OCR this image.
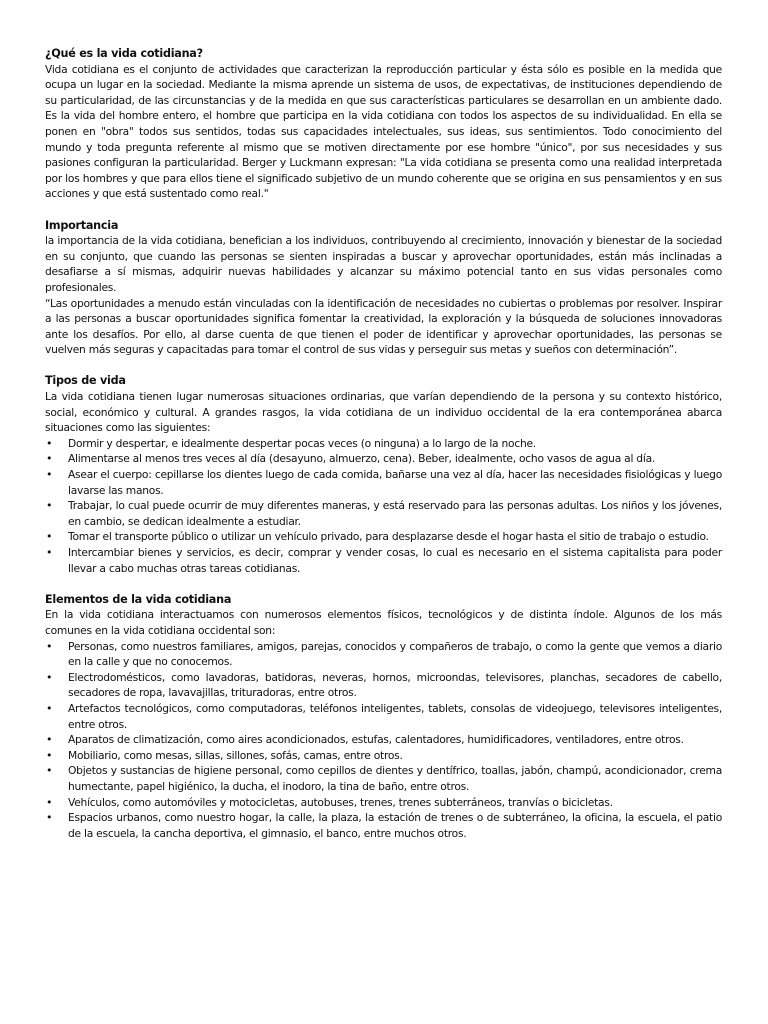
¿Qué es la vida cotidiana?

Vida cotidiana es el conjunto de actividades que caracterizan la reproducción particular y ésta sólo es posible en la medida que ocupa un lugar en la sociedad. Mediante la misma aprende un sistema de usos, de expectativas, de instituciones dependiendo de su particularidad, de las circunstancias y de la medida en que sus características particulares se desarrollan en un ambiente dado. Es la vida del hombre entero, el hombre que participa en la vida cotidiana con todos los aspectos de su individualidad. En ella se ponen en "obra" todos sus sentidos, todas sus capacidades intelectuales, sus ideas, sus sentimientos. Todo conocimiento del mundo y toda pregunta referente al mismo que se motiven directamente por ese hombre "único", por sus necesidades y sus pasiones configuran la particularidad. Berger y Luckmann expresan: "La vida cotidiana se presenta como una realidad interpretada por los hombres y que para ellos tiene el significado subjetivo de un mundo coherente que se origina en sus pensamientos y en sus acciones y que está sustentado como real."

Importancia

la importancia de la vida cotidiana, benefician a los individuos, contribuyendo al crecimiento, innovación y bienestar de la sociedad en su conjunto, que cuando las personas se sienten inspiradas a buscar y aprovechar oportunidades, están más inclinadas a desafiarse a sí mismas, adquirir nuevas habilidades y alcanzar su máximo potencial tanto en sus vidas personales como profesionales.

“Las oportunidades a menudo están vinculadas con la identificación de necesidades no cubiertas o problemas por resolver. Inspirar a las personas a buscar oportunidades significa fomentar la creatividad, la exploración y la búsqueda de soluciones innovadoras ante los desafíos. Por ello, al darse cuenta de que tienen el poder de identificar y aprovechar oportunidades, las personas se vuelven más seguras y capacitadas para tomar el control de sus vidas y perseguir sus metas y sueños con determinación”.

Tipos de vida

La vida cotidiana tienen lugar numerosas situaciones ordinarias, que varían dependiendo de la persona y su contexto histórico, social, económico y cultural. A grandes rasgos, la vida cotidiana de un individuo occidental de la era contemporánea abarca situaciones como las siguientes:

• Dormir y despertar, e idealmente despertar pocas veces (o ninguna) a lo largo de la noche.
• Alimentarse al menos tres veces al día (desayuno, almuerzo, cena). Beber, idealmente, ocho vasos de agua al día.
• Asear el cuerpo: cepillarse los dientes luego de cada comida, bañarse una vez al día, hacer las necesidades fisiológicas y luego lavarse las manos.
• Trabajar, lo cual puede ocurrir de muy diferentes maneras, y está reservado para las personas adultas. Los niños y los jóvenes, en cambio, se dedican idealmente a estudiar.
• Tomar el transporte público o utilizar un vehículo privado, para desplazarse desde el hogar hasta el sitio de trabajo o estudio.
• Intercambiar bienes y servicios, es decir, comprar y vender cosas, lo cual es necesario en el sistema capitalista para poder llevar a cabo muchas otras tareas cotidianas.

Elementos de la vida cotidiana

En la vida cotidiana interactuamos con numerosos elementos físicos, tecnológicos y de distinta índole. Algunos de los más comunes en la vida cotidiana occidental son:

• Personas, como nuestros familiares, amigos, parejas, conocidos y compañeros de trabajo, o como la gente que vemos a diario en la calle y que no conocemos.
• Electrodomésticos, como lavadoras, batidoras, neveras, hornos, microondas, televisores, planchas, secadores de cabello, secadores de ropa, lavavajillas, trituradoras, entre otros.
• Artefactos tecnológicos, como computadoras, teléfonos inteligentes, tablets, consolas de videojuego, televisores inteligentes, entre otros.
• Aparatos de climatización, como aires acondicionados, estufas, calentadores, humidificadores, ventiladores, entre otros.
• Mobiliario, como mesas, sillas, sillones, sofás, camas, entre otros.
• Objetos y sustancias de higiene personal, como cepillos de dientes y dentífrico, toallas, jabón, champú, acondicionador, crema humectante, papel higiénico, la ducha, el inodoro, la tina de baño, entre otros.
• Vehículos, como automóviles y motocicletas, autobuses, trenes, trenes subterráneos, tranvías o bicicletas.
• Espacios urbanos, como nuestro hogar, la calle, la plaza, la estación de trenes o de subterráneo, la oficina, la escuela, el patio de la escuela, la cancha deportiva, el gimnasio, el banco, entre muchos otros.
